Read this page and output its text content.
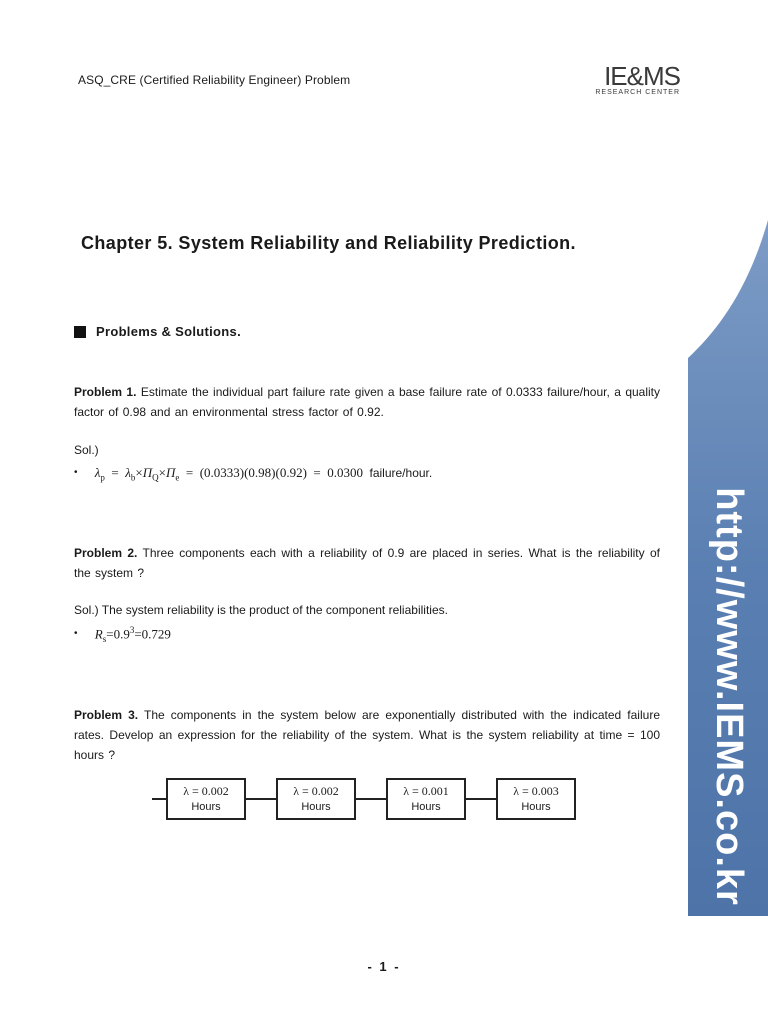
http://www.IEMS.co.kr
ASQ_CRE (Certified Reliability Engineer) Problem	IE&MS
RESEARCH CENTER
Chapter 5. System Reliability and Reliability Prediction.
Problems & Solutions.
Problem 1. Estimate the individual part failure rate given a base failure rate of 0.0333 failure/hour, a quality factor of 0.98 and an environmental stress factor of 0.92.
Sol.)
• $\lambda_p = \lambda_b\times\Pi_Q\times\Pi_e = (0.0333)(0.98)(0.92) = 0.0300$  failure/hour.
Problem 2. Three components each with a reliability of 0.9 are placed in series. What is the reliability of the system ?
Sol.) The system reliability is the product of the component reliabilities.
• $R_s=0.9^3=0.729$
Problem 3. The components in the system below are exponentially distributed with the indicated failure rates. Develop an expression for the reliability of the system. What is the system reliability at time = 100 hours ?
λ = 0.002
Hours
λ = 0.002
Hours
λ = 0.001
Hours
λ = 0.003
Hours
- 1 -
